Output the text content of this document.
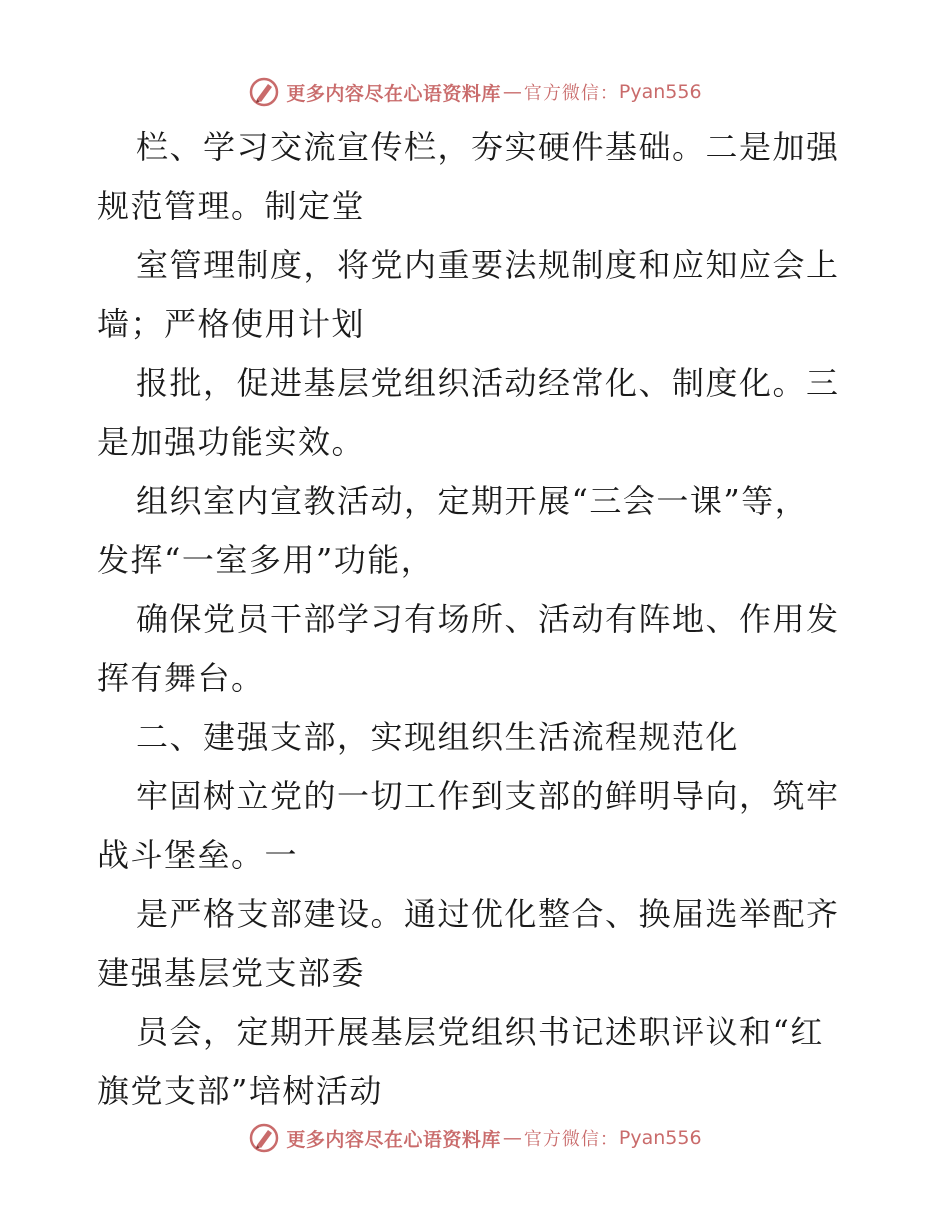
更多内容尽在心语资料库 — 官方微信： Pyan556
栏、学习交流宣传栏，夯实硬件基础。二是加强
规范管理。制定堂
室管理制度，将党内重要法规制度和应知应会上
墙；严格使用计划
报批，促进基层党组织活动经常化、制度化。三
是加强功能实效。
组织室内宣教活动，定期开展“三会一课”等，
发挥“一室多用”功能，
确保党员干部学习有场所、活动有阵地、作用发
挥有舞台。
二、建强支部，实现组织生活流程规范化
牢固树立党的一切工作到支部的鲜明导向，筑牢
战斗堡垒。一
是严格支部建设。通过优化整合、换届选举配齐
建强基层党支部委
员会，定期开展基层党组织书记述职评议和“红
旗党支部”培树活动
更多内容尽在心语资料库 — 官方微信： Pyan556
